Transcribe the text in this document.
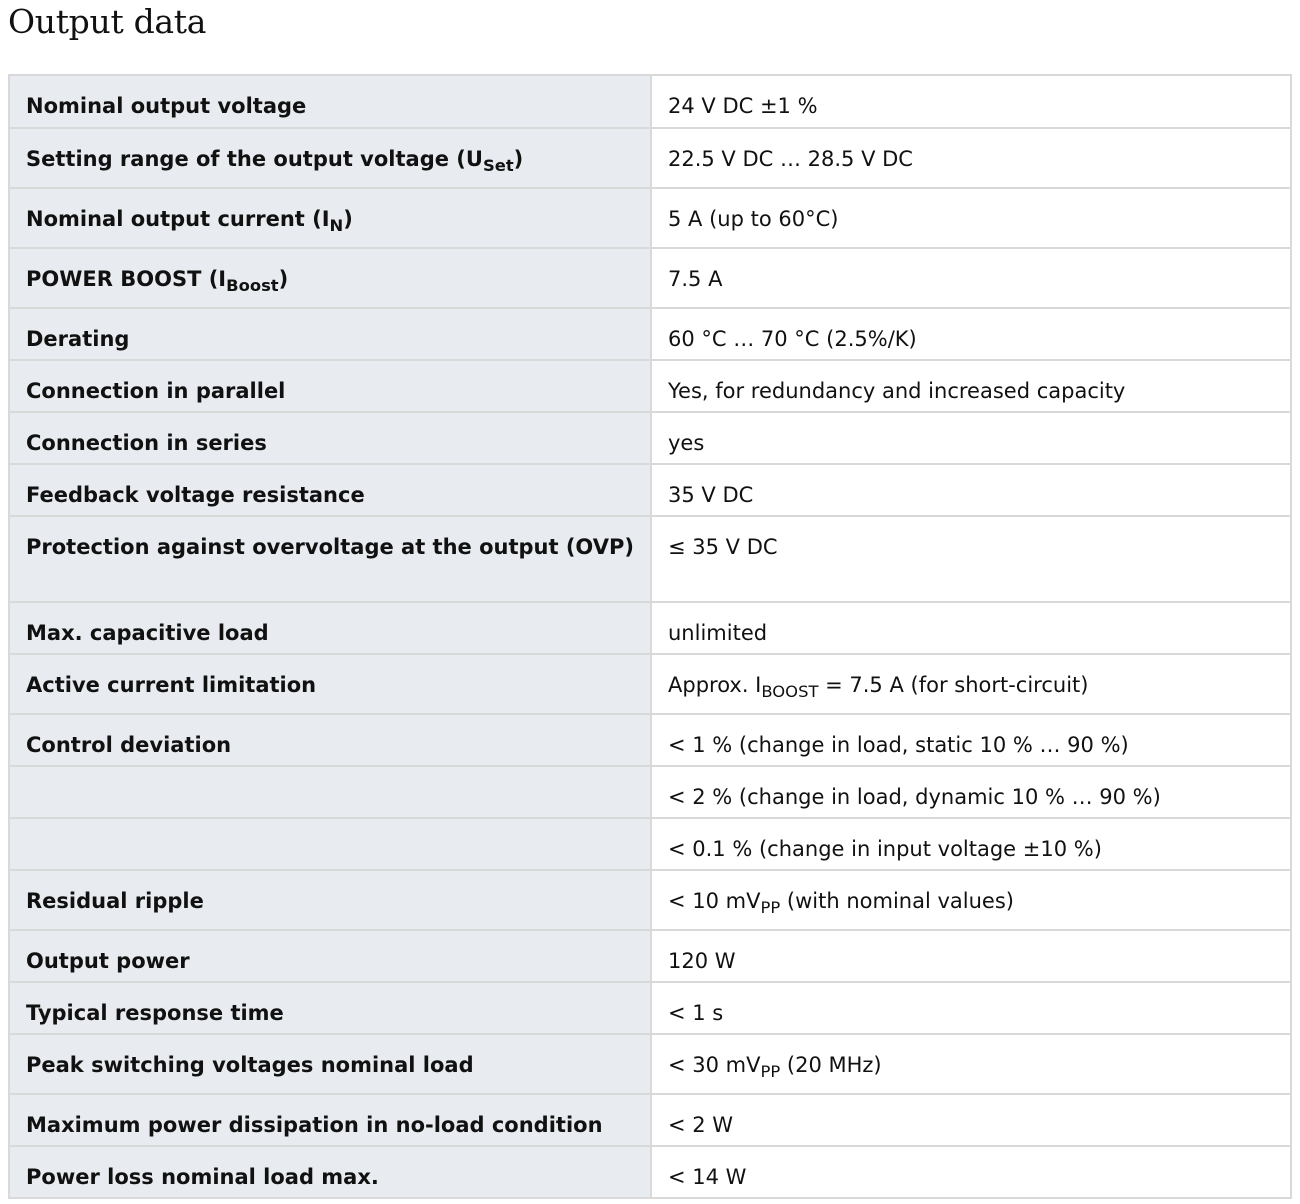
Output data
Nominal output voltage	24 V DC ±1 %
Setting range of the output voltage $(U_{Set})$	22.5 V DC … 28.5 V DC
Nominal output current $(I_N)$	5 A (up to 60°C)
POWER BOOST $(I_{Boost})$	7.5 A
Derating	60 °C … 70 °C (2.5%/K)
Connection in parallel	Yes, for redundancy and increased capacity
Connection in series	yes
Feedback voltage resistance	35 V DC
Protection against overvoltage at the output (OVP)	≤ 35 V DC
Max. capacitive load	unlimited
Active current limitation	Approx. $I_{BOOST} = 7.5$ A (for short-circuit)
Control deviation	< 1 % (change in load, static 10 % … 90 %)
	< 2 % (change in load, dynamic 10 % … 90 %)
	< 0.1 % (change in input voltage ±10 %)
Residual ripple	< 10 $mV_{PP}$ (with nominal values)
Output power	120 W
Typical response time	< 1 s
Peak switching voltages nominal load	< 30 $mV_{PP}$ (20 MHz)
Maximum power dissipation in no-load condition	< 2 W
Power loss nominal load max.	< 14 W
